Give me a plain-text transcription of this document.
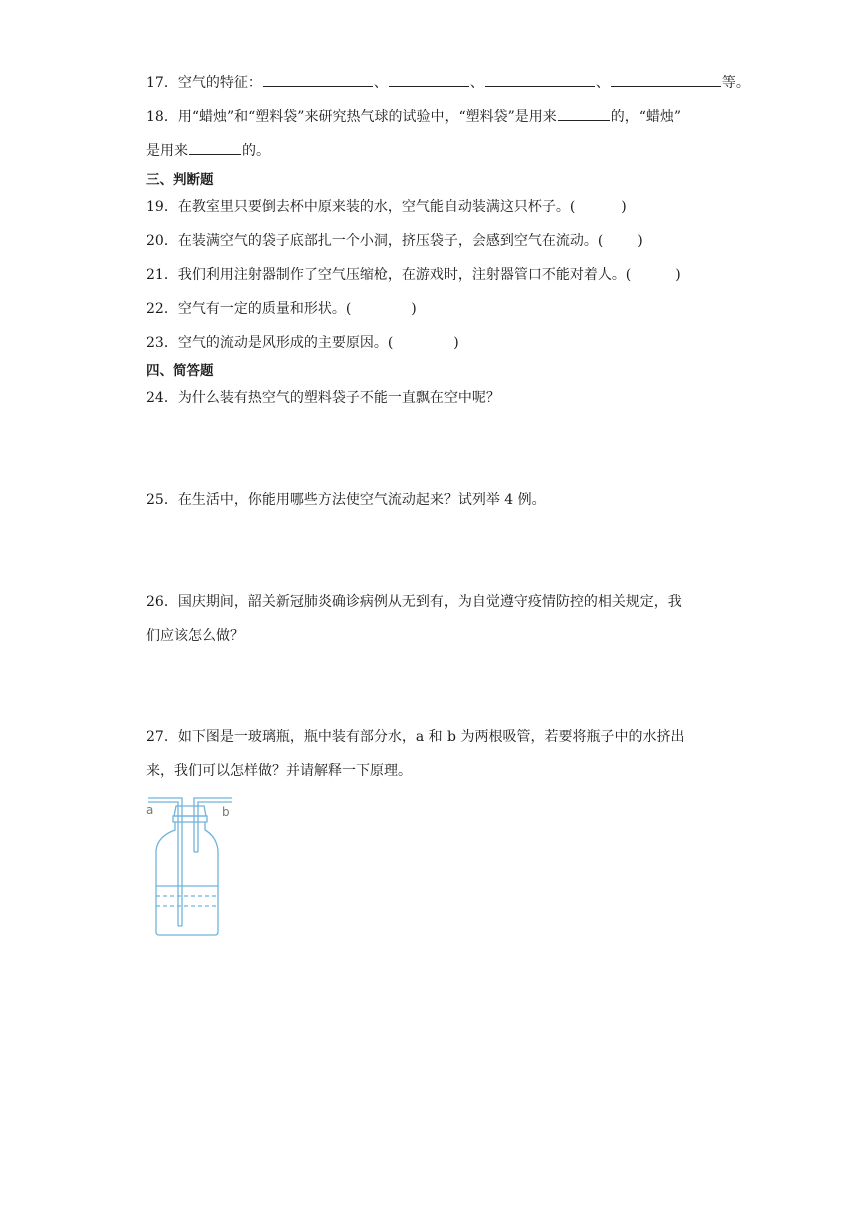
17．空气的特征：	、	、	、	等。
18．用“蜡烛”和“塑料袋”来研究热气球的试验中，“塑料袋”是用来	的，“蜡烛”
是用来	的。
三、判断题
19．在教室里只要倒去杯中原来装的水，空气能自动装满这只杯子。(	)
20．在装满空气的袋子底部扎一个小洞，挤压袋子，会感到空气在流动。( )
21．我们利用注射器制作了空气压缩枪，在游戏时，注射器管口不能对着人。(	)
22．空气有一定的质量和形状。(	)
23．空气的流动是风形成的主要原因。(	)
四、简答题
24．为什么装有热空气的塑料袋子不能一直飘在空中呢？
25．在生活中，你能用哪些方法使空气流动起来？试列举 4 例。
26．国庆期间，韶关新冠肺炎确诊病例从无到有，为自觉遵守疫情防控的相关规定，我
们应该怎么做？
27．如下图是一玻璃瓶，瓶中装有部分水，a 和 b 为两根吸管，若要将瓶子中的水挤出
来，我们可以怎样做？并请解释一下原理。
a	b
